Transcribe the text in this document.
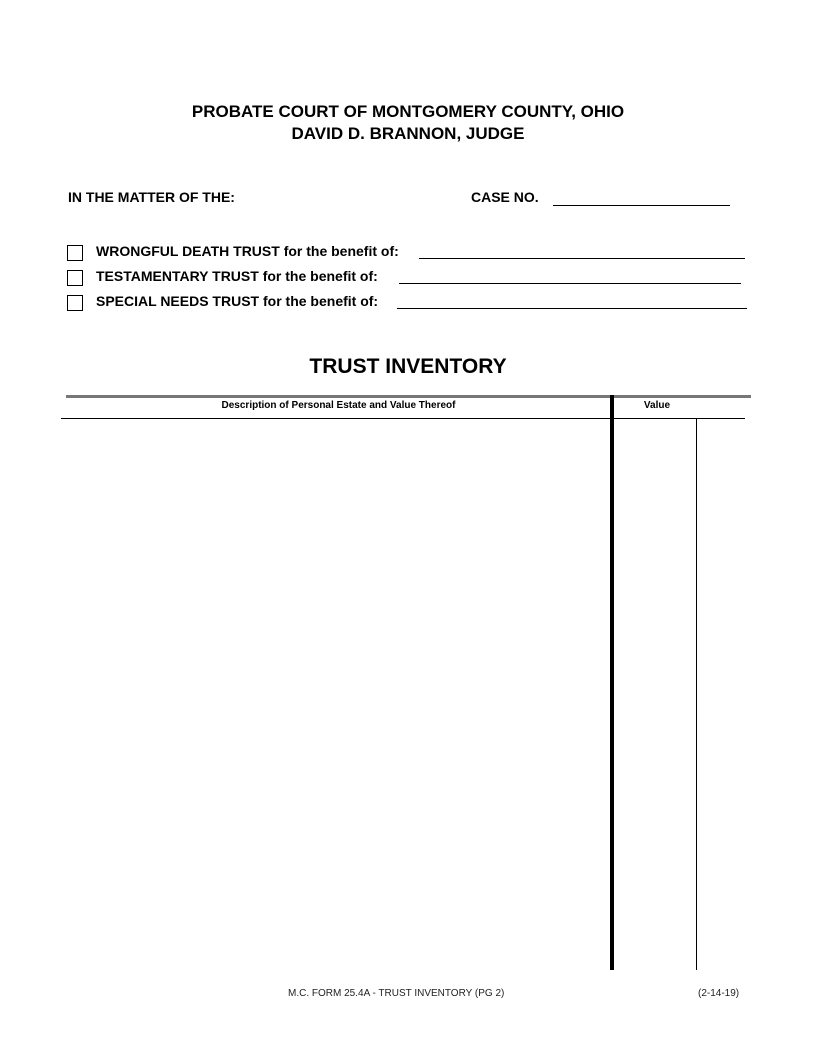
PROBATE COURT OF MONTGOMERY COUNTY, OHIO
DAVID D. BRANNON, JUDGE
IN THE MATTER OF THE:	CASE NO.
WRONGFUL DEATH TRUST for the benefit of:
TESTAMENTARY TRUST for the benefit of:
SPECIAL NEEDS TRUST for the benefit of:
TRUST INVENTORY
Description of Personal Estate and Value Thereof	Value
M.C. FORM 25.4A - TRUST INVENTORY (PG 2)	(2-14-19)
